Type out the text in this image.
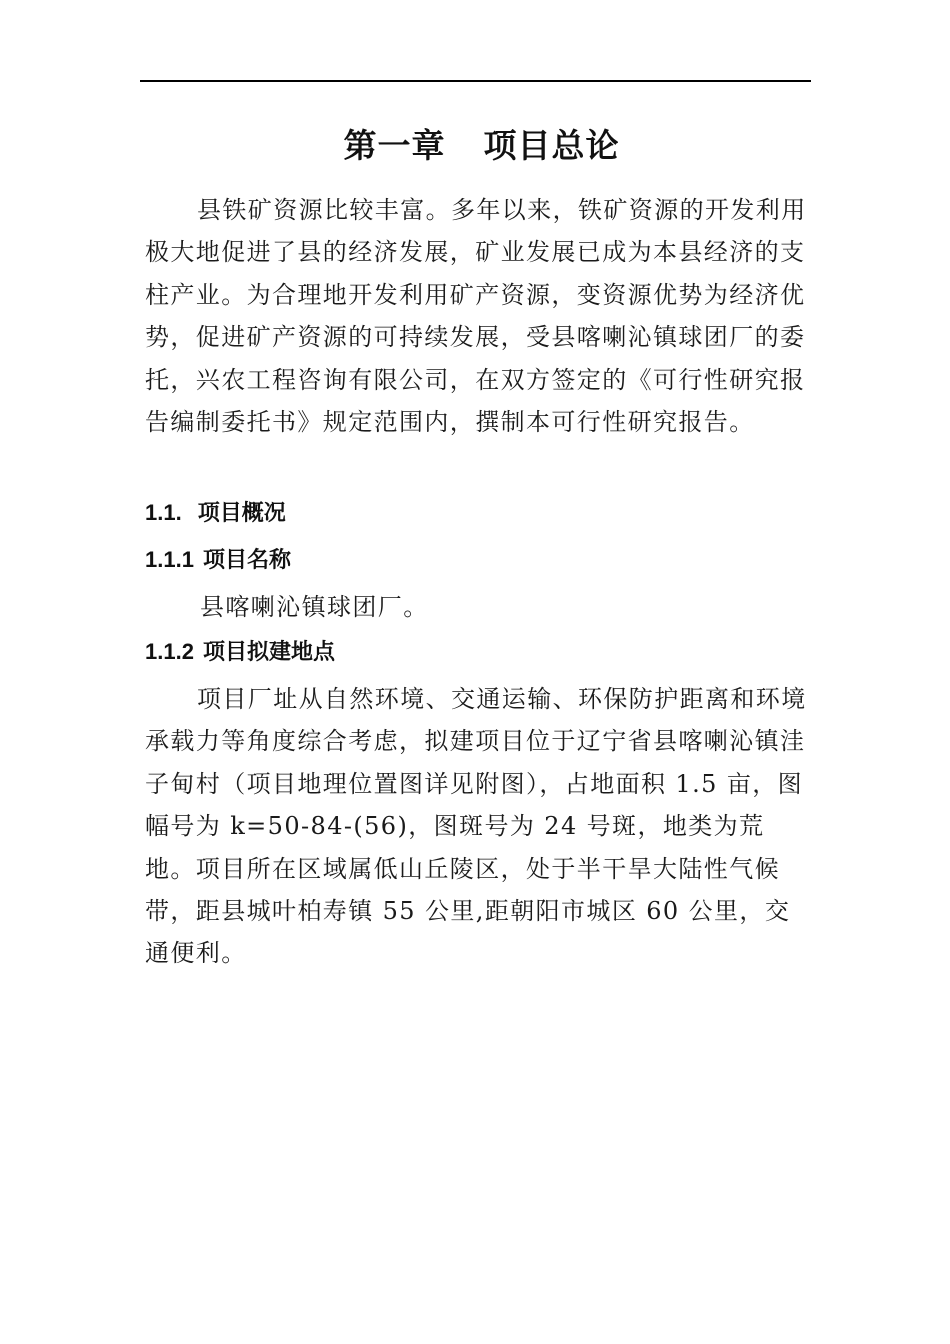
第一章 项目总论

县铁矿资源比较丰富。多年以来，铁矿资源的开发利用极大地促进了县的经济发展，矿业发展已成为本县经济的支柱产业。为合理地开发利用矿产资源，变资源优势为经济优势，促进矿产资源的可持续发展，受县喀喇沁镇球团厂的委托，兴农工程咨询有限公司，在双方签定的《可行性研究报告编制委托书》规定范围内，撰制本可行性研究报告。

1.1. 项目概况
1.1.1 项目名称

县喀喇沁镇球团厂。

1.1.2 项目拟建地点

项目厂址从自然环境、交通运输、环保防护距离和环境承载力等角度综合考虑，拟建项目位于辽宁省县喀喇沁镇洼子甸村（项目地理位置图详见附图），占地面积 1.5 亩，图幅号为 k=50-84-(56)，图斑号为 24 号斑，地类为荒地。项目所在区域属低山丘陵区，处于半干旱大陆性气候带，距县城叶柏寿镇 55 公里,距朝阳市城区 60 公里，交通便利。
